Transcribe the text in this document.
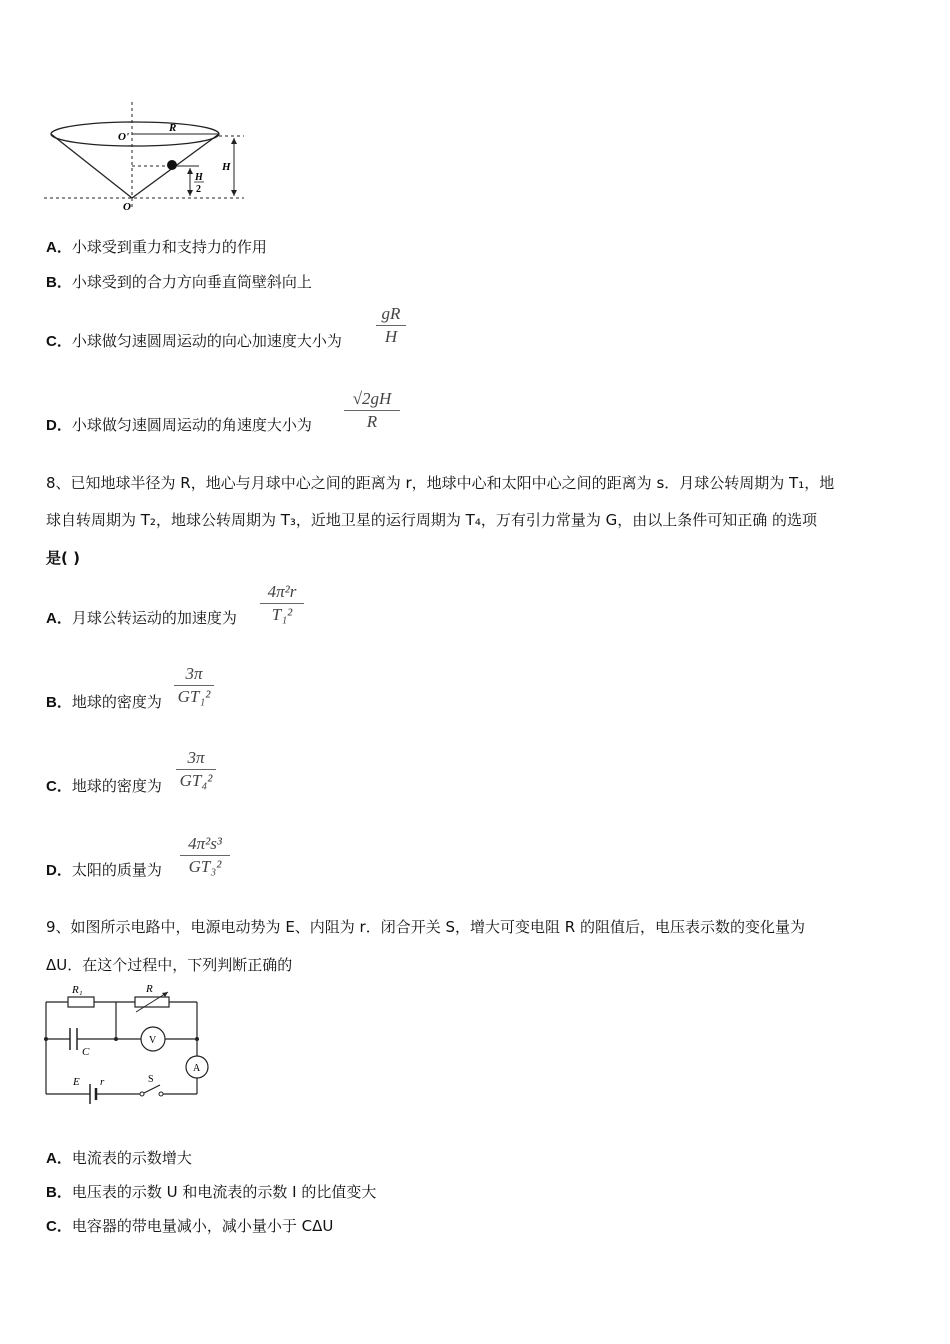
O'
R
H
H
2
O
A．小球受到重力和支持力的作用
B．小球受到的合力方向垂直筒壁斜向上
C．小球做匀速圆周运动的向心加速度大小为
gR
H
D．小球做匀速圆周运动的角速度大小为
√2gH
R
8、已知地球半径为 R，地心与月球中心之间的距离为 r，地球中心和太阳中心之间的距离为 s．月球公转周期为 T₁，地
球自转周期为 T₂，地球公转周期为 T₃，近地卫星的运行周期为 T₄，万有引力常量为 G，由以上条件可知正确 的选项
是( )
A．月球公转运动的加速度为
4π²r
T₁²
B．地球的密度为
3π
GT₁²
C．地球的密度为
3π
GT₄²
D．太阳的质量为
4π²s³
GT₃²
9、如图所示电路中，电源电动势为 E、内阻为 r．闭合开关 S，增大可变电阻 R 的阻值后，电压表示数的变化量为
ΔU．在这个过程中，下列判断正确的
R₁	R
C
V
A
E r	S
A．电流表的示数增大
B．电压表的示数 U 和电流表的示数 I 的比值变大
C．电容器的带电量减小，减小量小于 CΔU
